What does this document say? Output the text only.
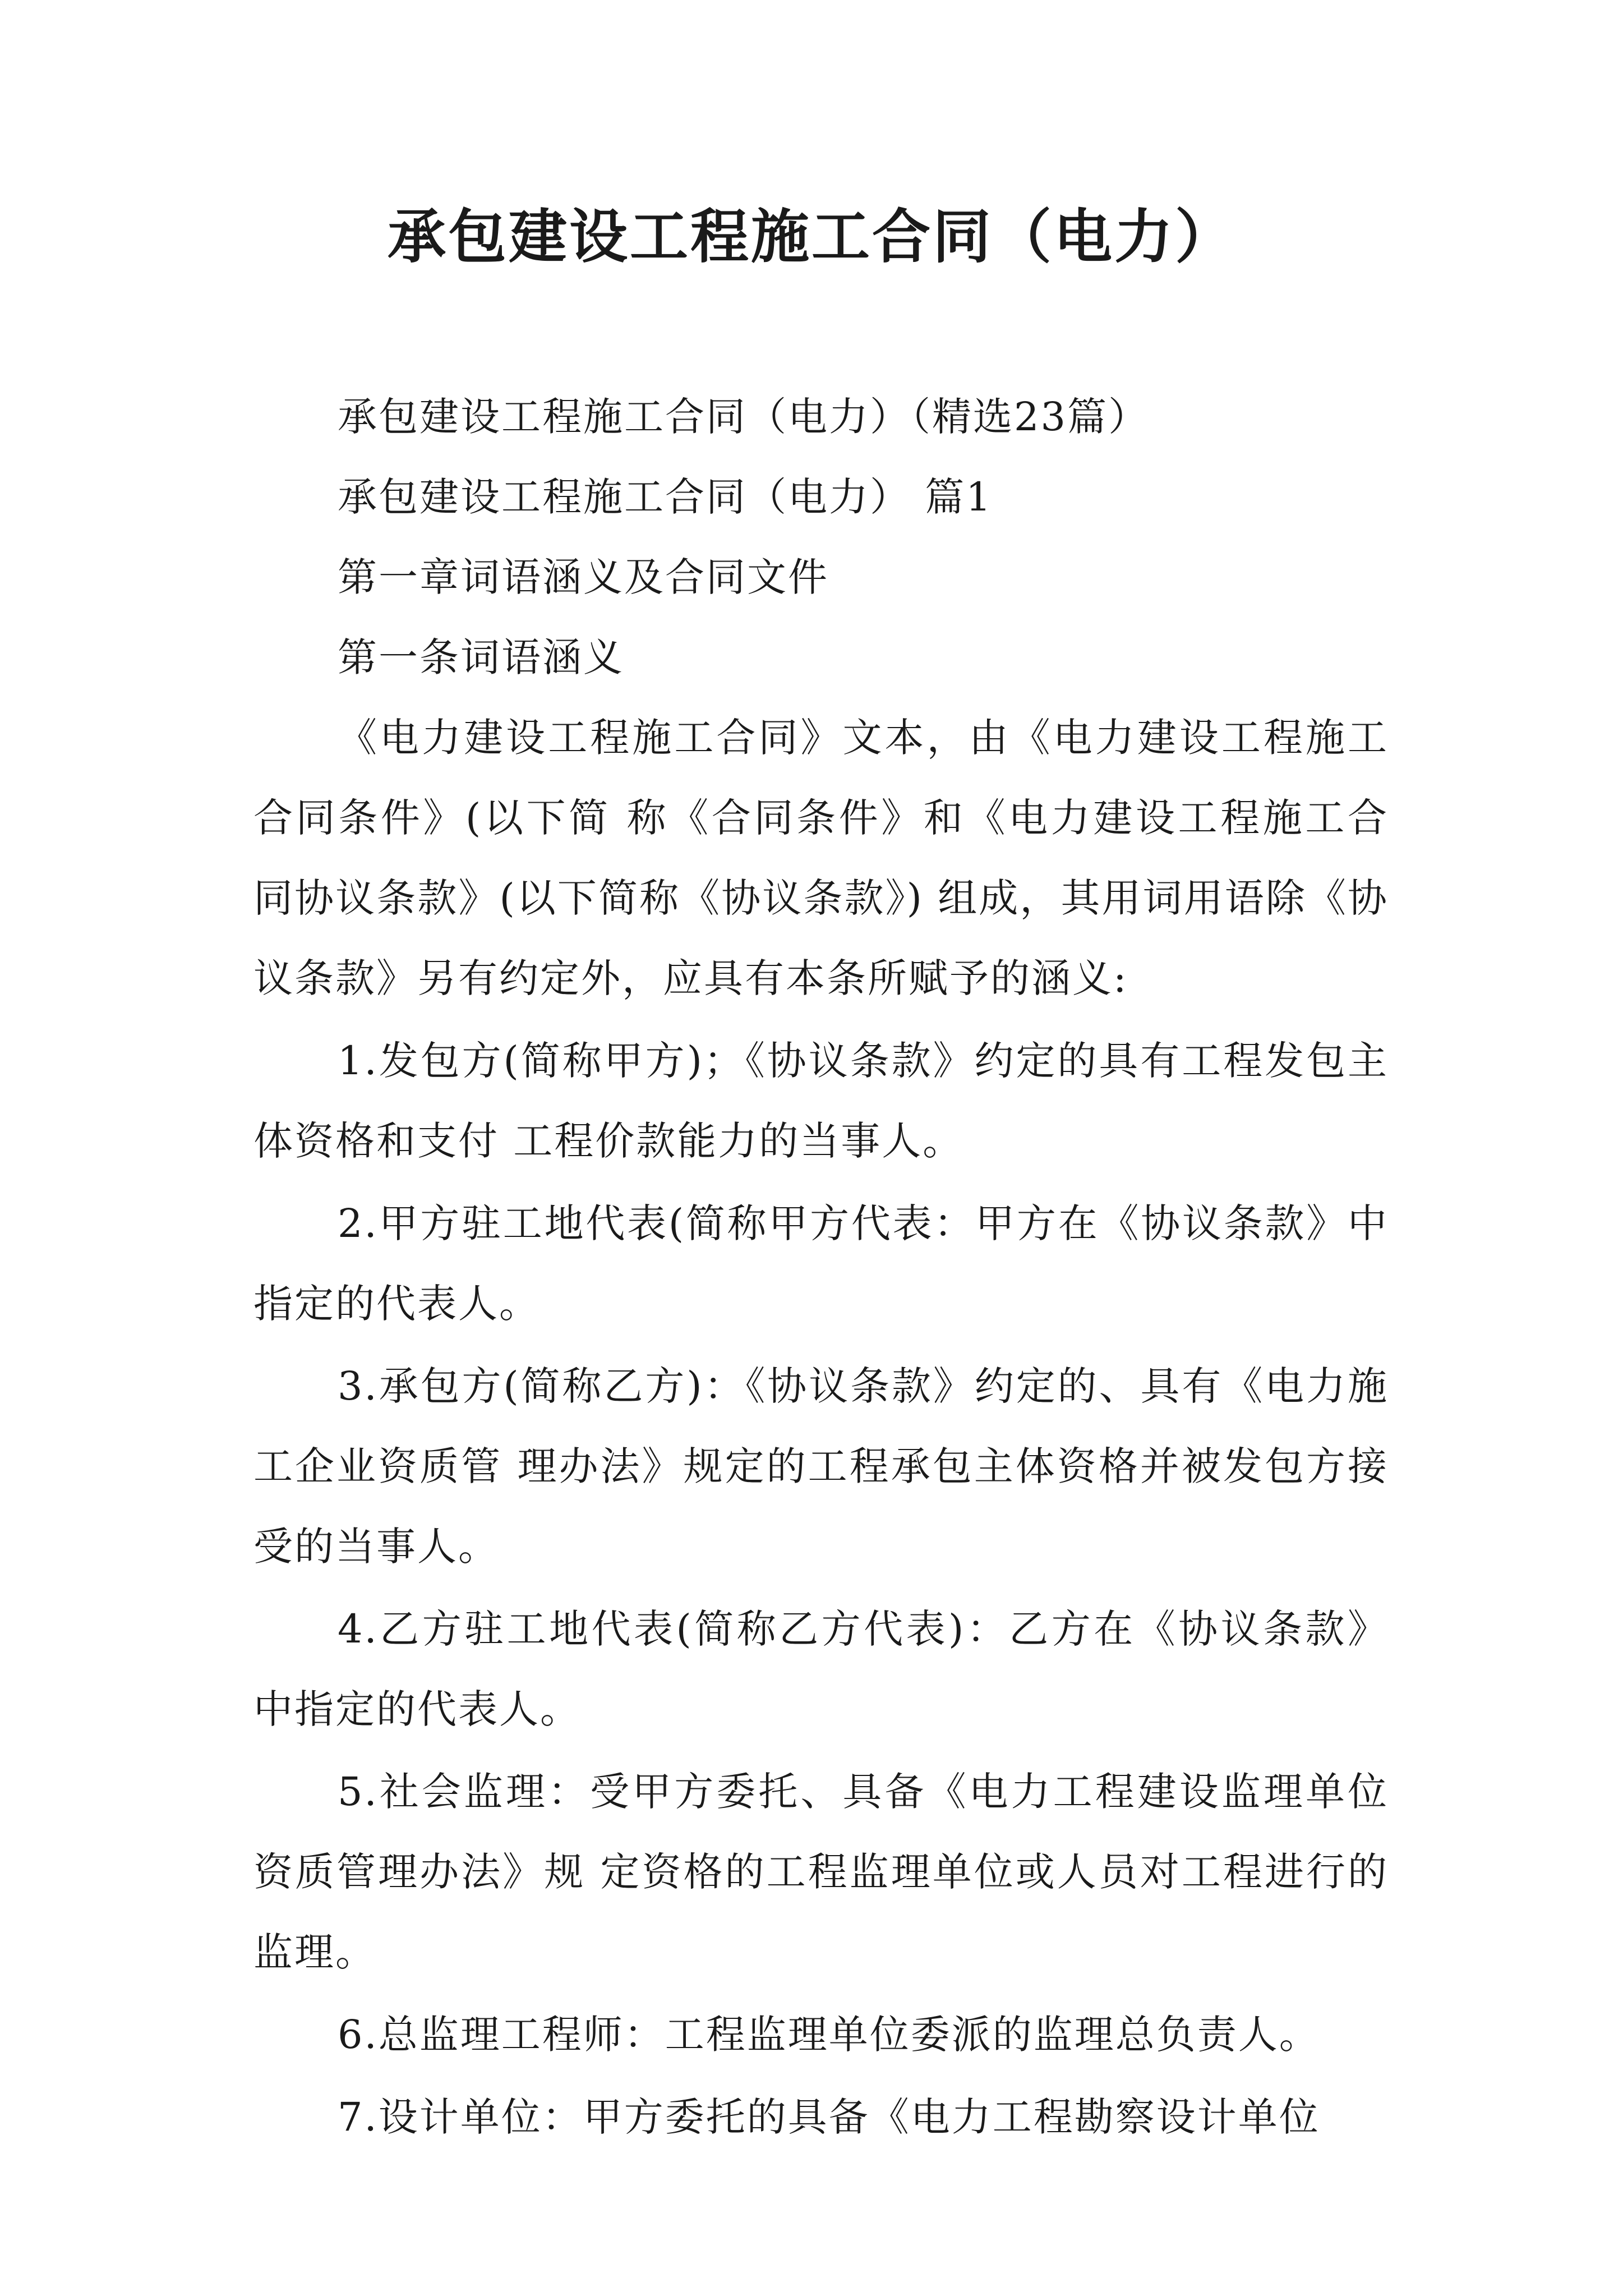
承包建设工程施工合同（电力）

承包建设工程施工合同（电力）（精选23篇）

承包建设工程施工合同（电力） 篇1

第一章词语涵义及合同文件

第一条词语涵义

《电力建设工程施工合同》文本，由《电力建设工程施工合同条件》(以下简 称《合同条件》和《电力建设工程施工合同协议条款》(以下简称《协议条款》) 组成，其用词用语除《协议条款》另有约定外，应具有本条所赋予的涵义:

1.发包方(简称甲方)；《协议条款》约定的具有工程发包主体资格和支付 工程价款能力的当事人。

2.甲方驻工地代表(简称甲方代表：甲方在《协议条款》中指定的代表人。

3.承包方(简称乙方)：《协议条款》约定的、具有《电力施工企业资质管 理办法》规定的工程承包主体资格并被发包方接受的当事人。

4.乙方驻工地代表(简称乙方代表)：乙方在《协议条款》中指定的代表人。

5.社会监理：受甲方委托、具备《电力工程建设监理单位资质管理办法》规 定资格的工程监理单位或人员对工程进行的监理。

6.总监理工程师：工程监理单位委派的监理总负责人。

7.设计单位：甲方委托的具备《电力工程勘察设计单位
